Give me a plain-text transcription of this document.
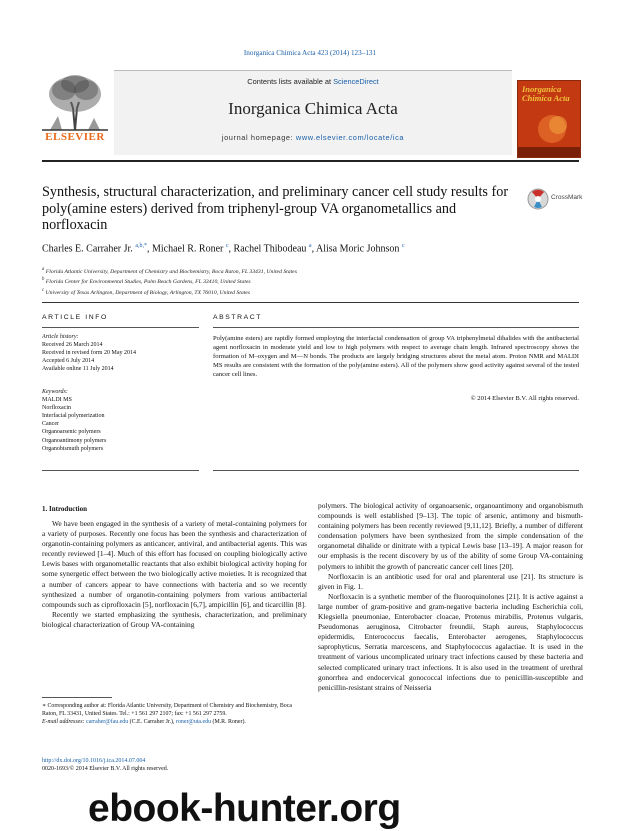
Inorganica Chimica Acta 423 (2014) 123–131
ELSEVIER
Contents lists available at ScienceDirect
Inorganica Chimica Acta
journal homepage: www.elsevier.com/locate/ica
Inorganica Chimica Acta
Synthesis, structural characterization, and preliminary cancer cell study results for poly(amine esters) derived from triphenyl-group VA organometallics and norfloxacin
CrossMark
Charles E. Carraher Jr. $^{a,b,*}$, Michael R. Roner $^c$, Rachel Thibodeau $^a$, Alisa Moric Johnson $^c$
$^a$ Florida Atlantic University, Department of Chemistry and Biochemistry, Boca Raton, FL 33431, United States
$^b$ Florida Center for Environmental Studies, Palm Beach Gardens, FL 33410, United States
$^c$ University of Texas Arlington, Department of Biology, Arlington, TX 76010, United States
ARTICLE INFO	ABSTRACT
Article history:
Received 26 March 2014
Received in revised form 20 May 2014
Accepted 6 July 2014
Available online 11 July 2014
Keywords:
MALDI MS
Norfloxacin
Interfacial polymerization
Cancer
Organoarsenic polymers
Organoantimony polymers
Organobismuth polymers
Poly(amine esters) are rapidly formed employing the interfacial condensation of group VA triphenylmetal dihalides with the antibacterial agent norfloxacin in moderate yield and low to high polymers with respect to average chain length. Infrared spectroscopy shows the formation of M–oxygen and M—N bonds. The products are largely bridging structures about the metal atom. Proton NMR and MALDI MS results are consistent with the formation of the poly(amine esters). All of the polymers show good activity against several of the tested cancer cell lines.
© 2014 Elsevier B.V. All rights reserved.
1. Introduction

We have been engaged in the synthesis of a variety of metal-containing polymers for a variety of purposes. Recently one focus has been the synthesis and characterization of organotin-containing polymers as anticancer, antiviral, and antibacterial agents. This was recently reviewed [1–4]. Much of this effort has focused on coupling biologically active Lewis bases with organometallic reactants that also exhibit biological activity hoping for some synergetic effect between the two biologically active moieties. It is recognized that a number of cancers appear to have connections with bacteria and so we recently synthesized a number of organotin-containing polymers from various antibacterial compounds such as ciprofloxacin [5], norfloxacin [6,7], ampicillin [6], and ticarcillin [8].

Recently we started emphasizing the synthesis, characterization, and preliminary biological characterization of Group VA-containing

polymers. The biological activity of organoarsenic, organoantimony and organobismuth compounds is well established [9–13]. The topic of arsenic, antimony and bismuth-containing polymers has been recently reviewed [9,11,12]. Briefly, a number of different condensation polymers have been synthesized from the simple condensation of the organometal dihalide or dinitrate with a typical Lewis base [13–19]. A major reason for our emphasis is the recent discovery by us of the ability of some Group VA-containing polymers to inhibit the growth of pancreatic cancer cell lines [20].

Norfloxacin is an antibiotic used for oral and plarenteral use [21]. Its structure is given in Fig. 1.

Norfloxacin is a synthetic member of the fluoroquinolones [21]. It is active against a large number of gram-positive and gram-negative bacteria including Escherichia coli, Klegsiella pneumoniae, Enterobacter cloacae, Protenus mirabilis, Protenus vulgaris, Pseudomonas aeruginosa, Citrobacter freundii, Staph aureus, Staphylococcus epidermidis, Enterococcus faecalis, Enterobacter aerogenes, Staphylococcus saprophyticus, Serratia marcescens, and Staphylococcus agalactiae. It is used in the treatment of various uncomplicated urinary tract infections caused by these bacteria and selected complicated urinary tract infections. It is also used in the treatment of urethral gonorrhea and endocervical gonococcal infections due to penicillin-susceptible and penicillin-resistant strains of Neisseria

∗ Corresponding author at: Florida Atlantic University, Department of Chemistry and Biochemistry, Boca Raton, FL 33431, United States. Tel.: +1 561 297 2107; fax: +1 561 297 2759.
E-mail addresses: carraher@fau.edu (C.E. Carraher Jr.), roner@uta.edu (M.R. Roner).
http://dx.doi.org/10.1016/j.ica.2014.07.004
0020-1693/© 2014 Elsevier B.V. All rights reserved.
ebook-hunter.org
